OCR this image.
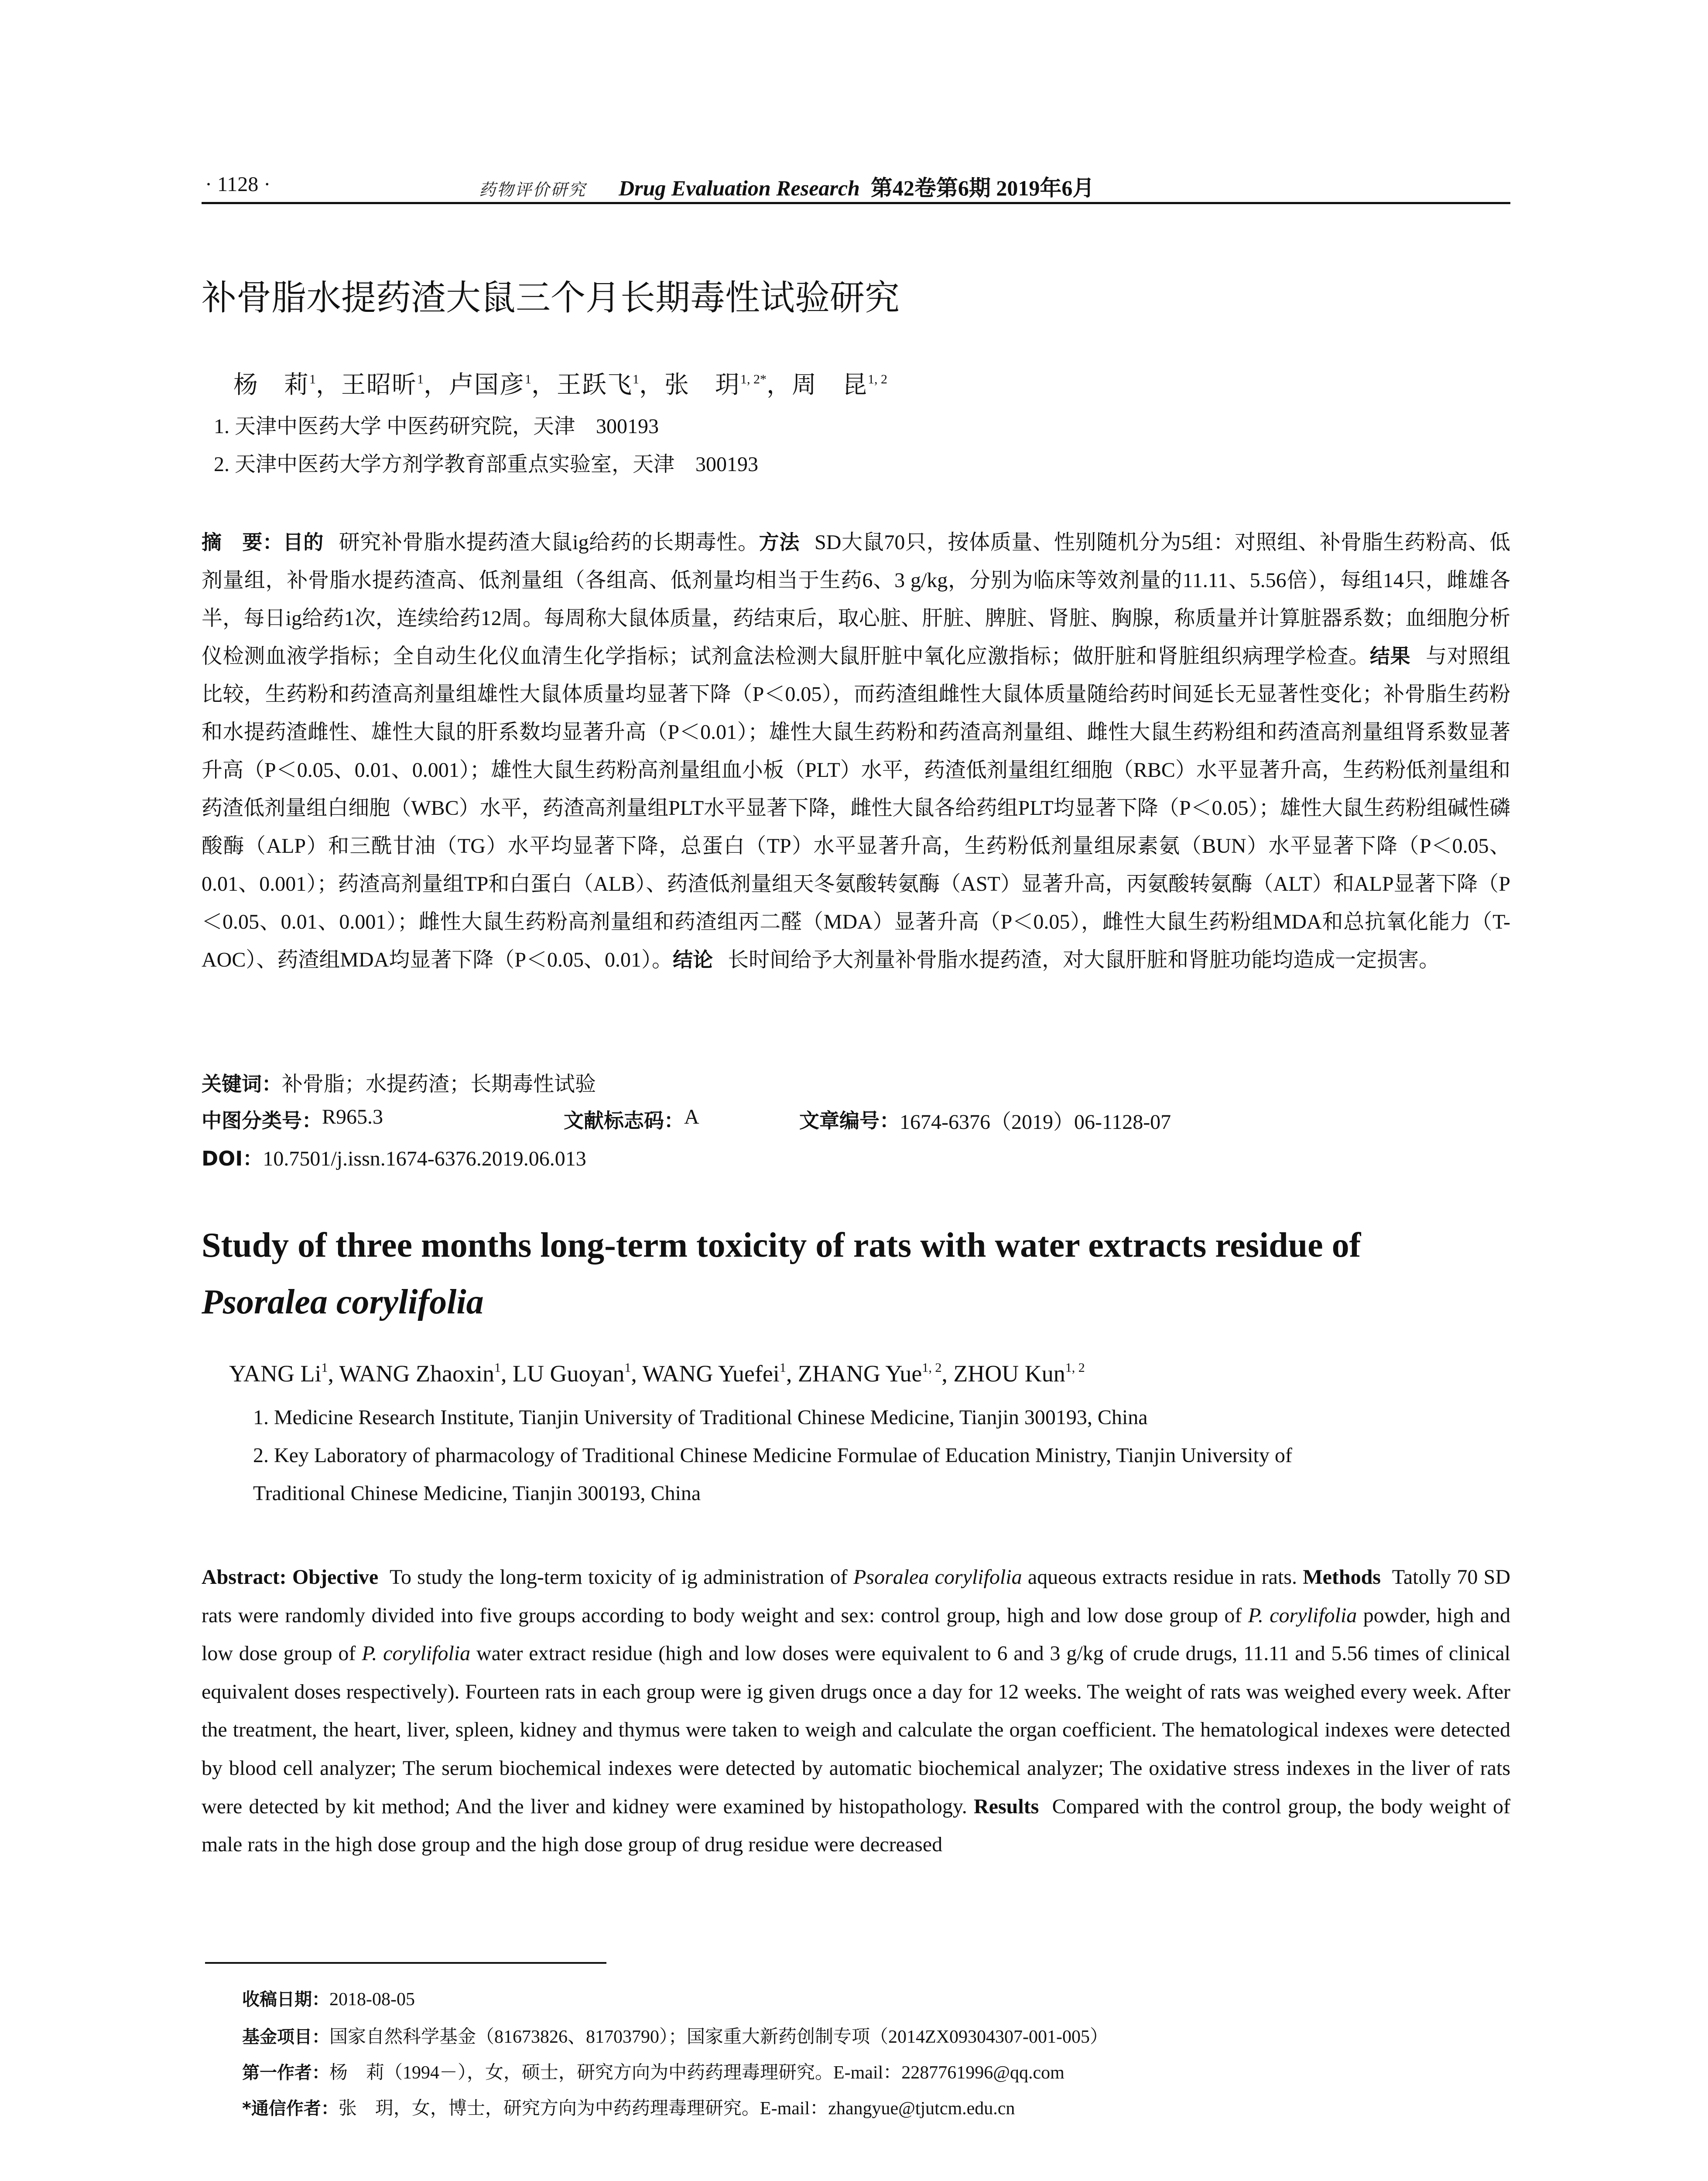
· 1128 ·	药物评价研究 Drug Evaluation Research 第42卷第6期 2019年6月
补骨脂水提药渣大鼠三个月长期毒性试验研究
杨　莉$^1$，王昭昕$^1$，卢国彦$^1$，王跃飞$^1$，张　玥$^{1, 2*}$，周　昆$^{1, 2}$
1. 天津中医药大学 中医药研究院，天津　300193
2. 天津中医药大学方剂学教育部重点实验室，天津　300193
摘　要：目的 研究补骨脂水提药渣大鼠ig给药的长期毒性。方法 SD大鼠70只，按体质量、性别随机分为5组：对照组、补骨脂生药粉高、低剂量组，补骨脂水提药渣高、低剂量组（各组高、低剂量均相当于生药6、3 g/kg，分别为临床等效剂量的11.11、5.56倍），每组14只，雌雄各半，每日ig给药1次，连续给药12周。每周称大鼠体质量，药结束后，取心脏、肝脏、脾脏、肾脏、胸腺，称质量并计算脏器系数；血细胞分析仪检测血液学指标；全自动生化仪血清生化学指标；试剂盒法检测大鼠肝脏中氧化应激指标；做肝脏和肾脏组织病理学检查。结果 与对照组比较，生药粉和药渣高剂量组雄性大鼠体质量均显著下降（P＜0.05），而药渣组雌性大鼠体质量随给药时间延长无显著性变化；补骨脂生药粉和水提药渣雌性、雄性大鼠的肝系数均显著升高（P＜0.01）；雄性大鼠生药粉和药渣高剂量组、雌性大鼠生药粉组和药渣高剂量组肾系数显著升高（P＜0.05、0.01、0.001）；雄性大鼠生药粉高剂量组血小板（PLT）水平，药渣低剂量组红细胞（RBC）水平显著升高，生药粉低剂量组和药渣低剂量组白细胞（WBC）水平，药渣高剂量组PLT水平显著下降，雌性大鼠各给药组PLT均显著下降（P＜0.05）；雄性大鼠生药粉组碱性磷酸酶（ALP）和三酰甘油（TG）水平均显著下降，总蛋白（TP）水平显著升高，生药粉低剂量组尿素氨（BUN）水平显著下降（P＜0.05、0.01、0.001）；药渣高剂量组TP和白蛋白（ALB）、药渣低剂量组天冬氨酸转氨酶（AST）显著升高，丙氨酸转氨酶（ALT）和ALP显著下降（P＜0.05、0.01、0.001）；雌性大鼠生药粉高剂量组和药渣组丙二醛（MDA）显著升高（P＜0.05），雌性大鼠生药粉组MDA和总抗氧化能力（T-AOC）、药渣组MDA均显著下降（P＜0.05、0.01）。结论 长时间给予大剂量补骨脂水提药渣，对大鼠肝脏和肾脏功能均造成一定损害。
关键词：补骨脂；水提药渣；长期毒性试验
中图分类号： R965.3	文献标志码： A	文章编号： 1674-6376（2019）06-1128-07
DOI：10.7501/j.issn.1674-6376.2019.06.013
Study of three months long-term toxicity of rats with water extracts residue of
Psoralea corylifolia
YANG Li$^1$, WANG Zhaoxin$^1$, LU Guoyan$^1$, WANG Yuefei$^1$, ZHANG Yue$^{1, 2}$, ZHOU Kun$^{1, 2}$
1. Medicine Research Institute, Tianjin University of Traditional Chinese Medicine, Tianjin 300193, China
2. Key Laboratory of pharmacology of Traditional Chinese Medicine Formulae of Education Ministry, Tianjin University of
Traditional Chinese Medicine, Tianjin 300193, China
Abstract: Objective To study the long-term toxicity of ig administration of Psoralea corylifolia aqueous extracts residue in rats. Methods Tatolly 70 SD rats were randomly divided into five groups according to body weight and sex: control group, high and low dose group of P. corylifolia powder, high and low dose group of P. corylifolia water extract residue (high and low doses were equivalent to 6 and 3 g/kg of crude drugs, 11.11 and 5.56 times of clinical equivalent doses respectively). Fourteen rats in each group were ig given drugs once a day for 12 weeks. The weight of rats was weighed every week. After the treatment, the heart, liver, spleen, kidney and thymus were taken to weigh and calculate the organ coefficient. The hematological indexes were detected by blood cell analyzer; The serum biochemical indexes were detected by automatic biochemical analyzer; The oxidative stress indexes in the liver of rats were detected by kit method; And the liver and kidney were examined by histopathology. Results Compared with the control group, the body weight of male rats in the high dose group and the high dose group of drug residue were decreased
收稿日期：2018-08-05
基金项目：国家自然科学基金（81673826、81703790）；国家重大新药创制专项（2014ZX09304307-001-005）
第一作者：杨　莉（1994－），女，硕士，研究方向为中药药理毒理研究。E-mail：2287761996@qq.com
*通信作者：张　玥，女，博士，研究方向为中药药理毒理研究。E-mail：zhangyue@tjutcm.edu.cn
